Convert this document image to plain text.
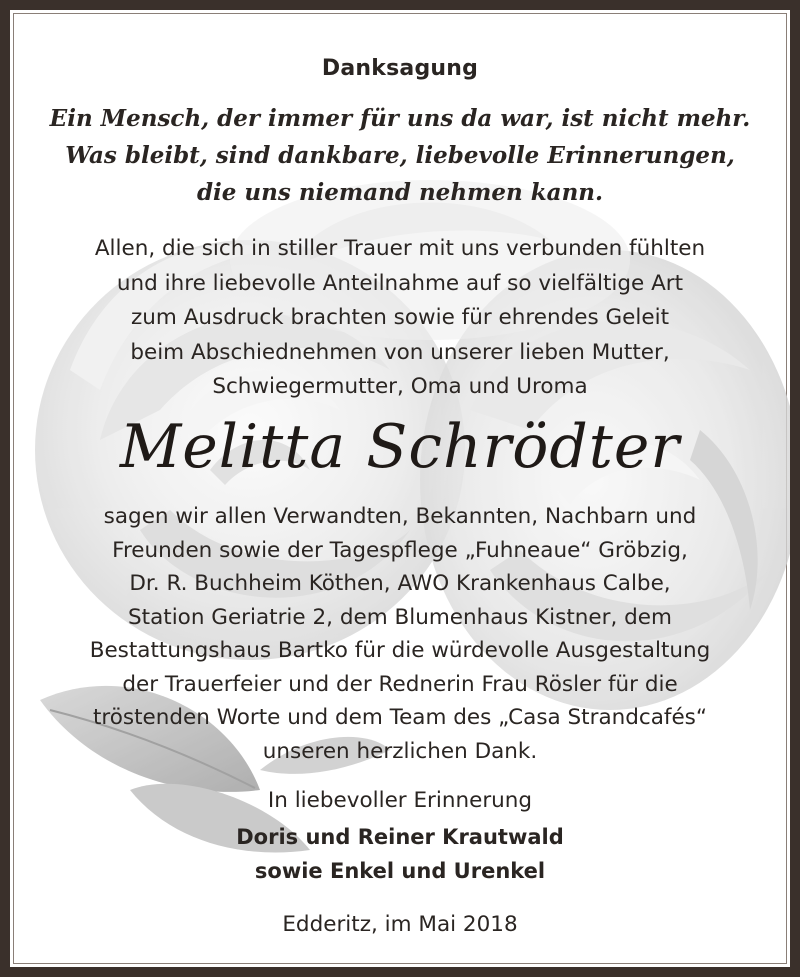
Danksagung
Ein Mensch, der immer für uns da war, ist nicht mehr.
Was bleibt, sind dankbare, liebevolle Erinnerungen,
die uns niemand nehmen kann.
Allen, die sich in stiller Trauer mit uns verbunden fühlten
und ihre liebevolle Anteilnahme auf so vielfältige Art
zum Ausdruck brachten sowie für ehrendes Geleit
beim Abschiednehmen von unserer lieben Mutter,
Schwiegermutter, Oma und Uroma
Melitta Schrödter
sagen wir allen Verwandten, Bekannten, Nachbarn und
Freunden sowie der Tagespflege „Fuhneaue“ Gröbzig,
Dr. R. Buchheim Köthen, AWO Krankenhaus Calbe,
Station Geriatrie 2, dem Blumenhaus Kistner, dem
Bestattungshaus Bartko für die würdevolle Ausgestaltung
der Trauerfeier und der Rednerin Frau Rösler für die
tröstenden Worte und dem Team des „Casa Strandcafés“
unseren herzlichen Dank.
In liebevoller Erinnerung
Doris und Reiner Krautwald
sowie Enkel und Urenkel
Edderitz, im Mai 2018
